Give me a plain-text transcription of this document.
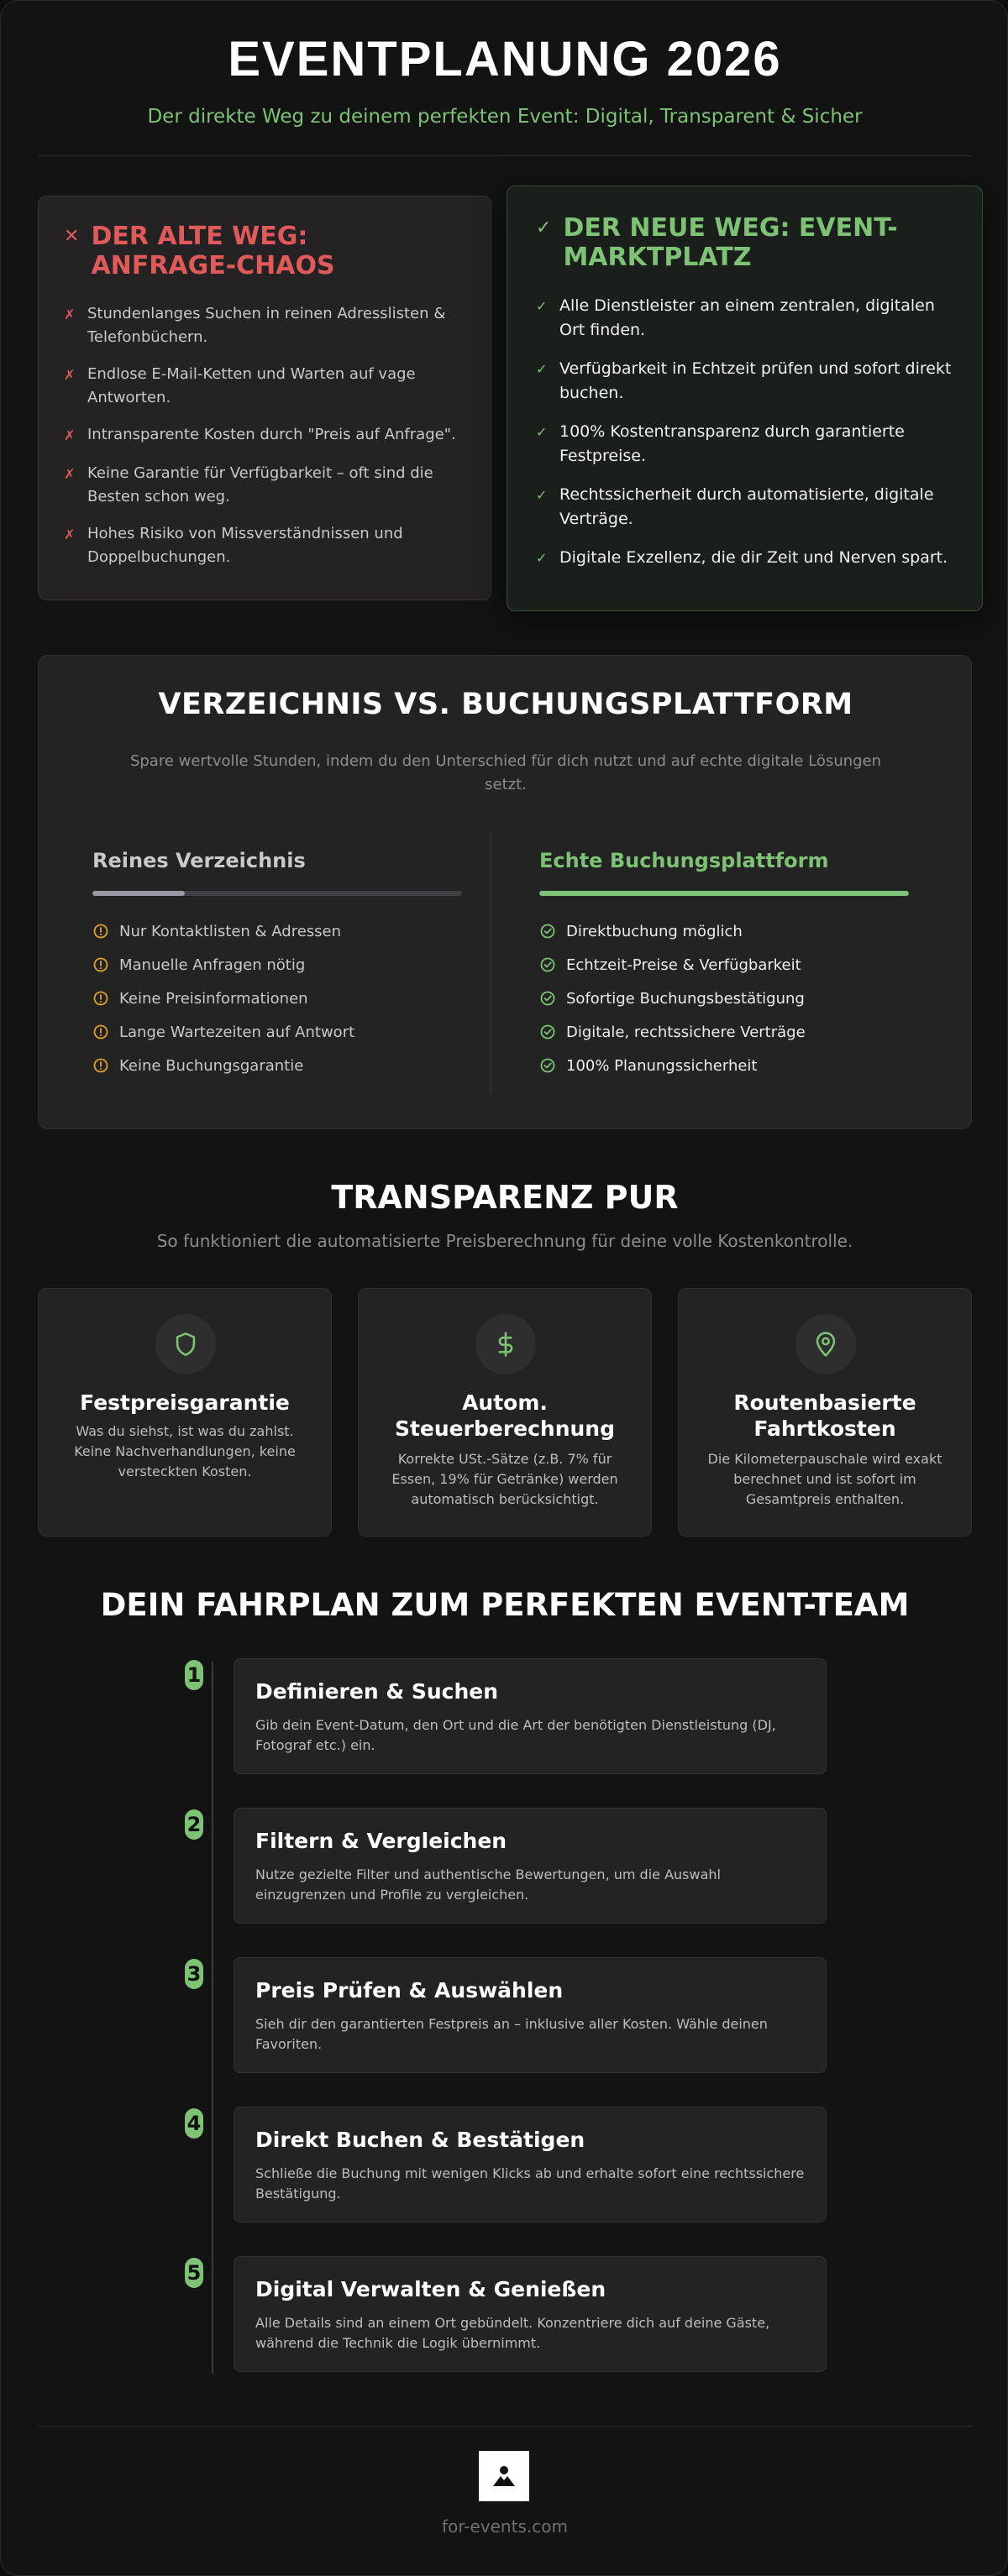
EVENTPLANUNG 2026

Der direkte Weg zu deinem perfekten Event: Digital, Transparent & Sicher

✕ DER ALTE WEG:
ANFRAGE-CHAOS
✗ Stundenlanges Suchen in reinen Adresslisten &
Telefonbüchern.
✗ Endlose E-Mail-Ketten und Warten auf vage
Antworten.
✗ Intransparente Kosten durch "Preis auf Anfrage".
✗ Keine Garantie für Verfügbarkeit – oft sind die
Besten schon weg.
✗ Hohes Risiko von Missverständnissen und
Doppelbuchungen.
✓ DER NEUE WEG: EVENT-
MARKTPLATZ
✓ Alle Dienstleister an einem zentralen, digitalen
Ort finden.
✓ Verfügbarkeit in Echtzeit prüfen und sofort direkt
buchen.
✓ 100% Kostentransparenz durch garantierte
Festpreise.
✓ Rechtssicherheit durch automatisierte, digitale
Verträge.
✓ Digitale Exzellenz, die dir Zeit und Nerven spart.
VERZEICHNIS VS. BUCHUNGSPLATTFORM
Spare wertvolle Stunden, indem du den Unterschied für dich nutzt und auf echte digitale Lösungen
setzt.
Reines Verzeichnis
Nur Kontaktlisten & Adressen
Manuelle Anfragen nötig
Keine Preisinformationen
Lange Wartezeiten auf Antwort
Keine Buchungsgarantie
Echte Buchungsplattform
Direktbuchung möglich
Echtzeit-Preise & Verfügbarkeit
Sofortige Buchungsbestätigung
Digitale, rechtssichere Verträge
100% Planungssicherheit
TRANSPARENZ PUR
So funktioniert die automatisierte Preisberechnung für deine volle Kostenkontrolle.
Festpreisgarantie

Was du siehst, ist was du zahlst.
Keine Nachverhandlungen, keine
versteckten Kosten.

Autom.
Steuerberechnung

Korrekte USt.-Sätze (z.B. 7% für
Essen, 19% für Getränke) werden
automatisch berücksichtigt.

Routenbasierte
Fahrtkosten

Die Kilometerpauschale wird exakt
berechnet und ist sofort im
Gesamtpreis enthalten.

DEIN FAHRPLAN ZUM PERFEKTEN EVENT-TEAM
1
Definieren & Suchen

Gib dein Event-Datum, den Ort und die Art der benötigten Dienstleistung (DJ,
Fotograf etc.) ein.

2
Filtern & Vergleichen

Nutze gezielte Filter und authentische Bewertungen, um die Auswahl
einzugrenzen und Profile zu vergleichen.

3
Preis Prüfen & Auswählen

Sieh dir den garantierten Festpreis an – inklusive aller Kosten. Wähle deinen
Favoriten.

4
Direkt Buchen & Bestätigen

Schließe die Buchung mit wenigen Klicks ab und erhalte sofort eine rechtssichere
Bestätigung.

5
Digital Verwalten & Genießen

Alle Details sind an einem Ort gebündelt. Konzentriere dich auf deine Gäste,
während die Technik die Logik übernimmt.

for-events.com
